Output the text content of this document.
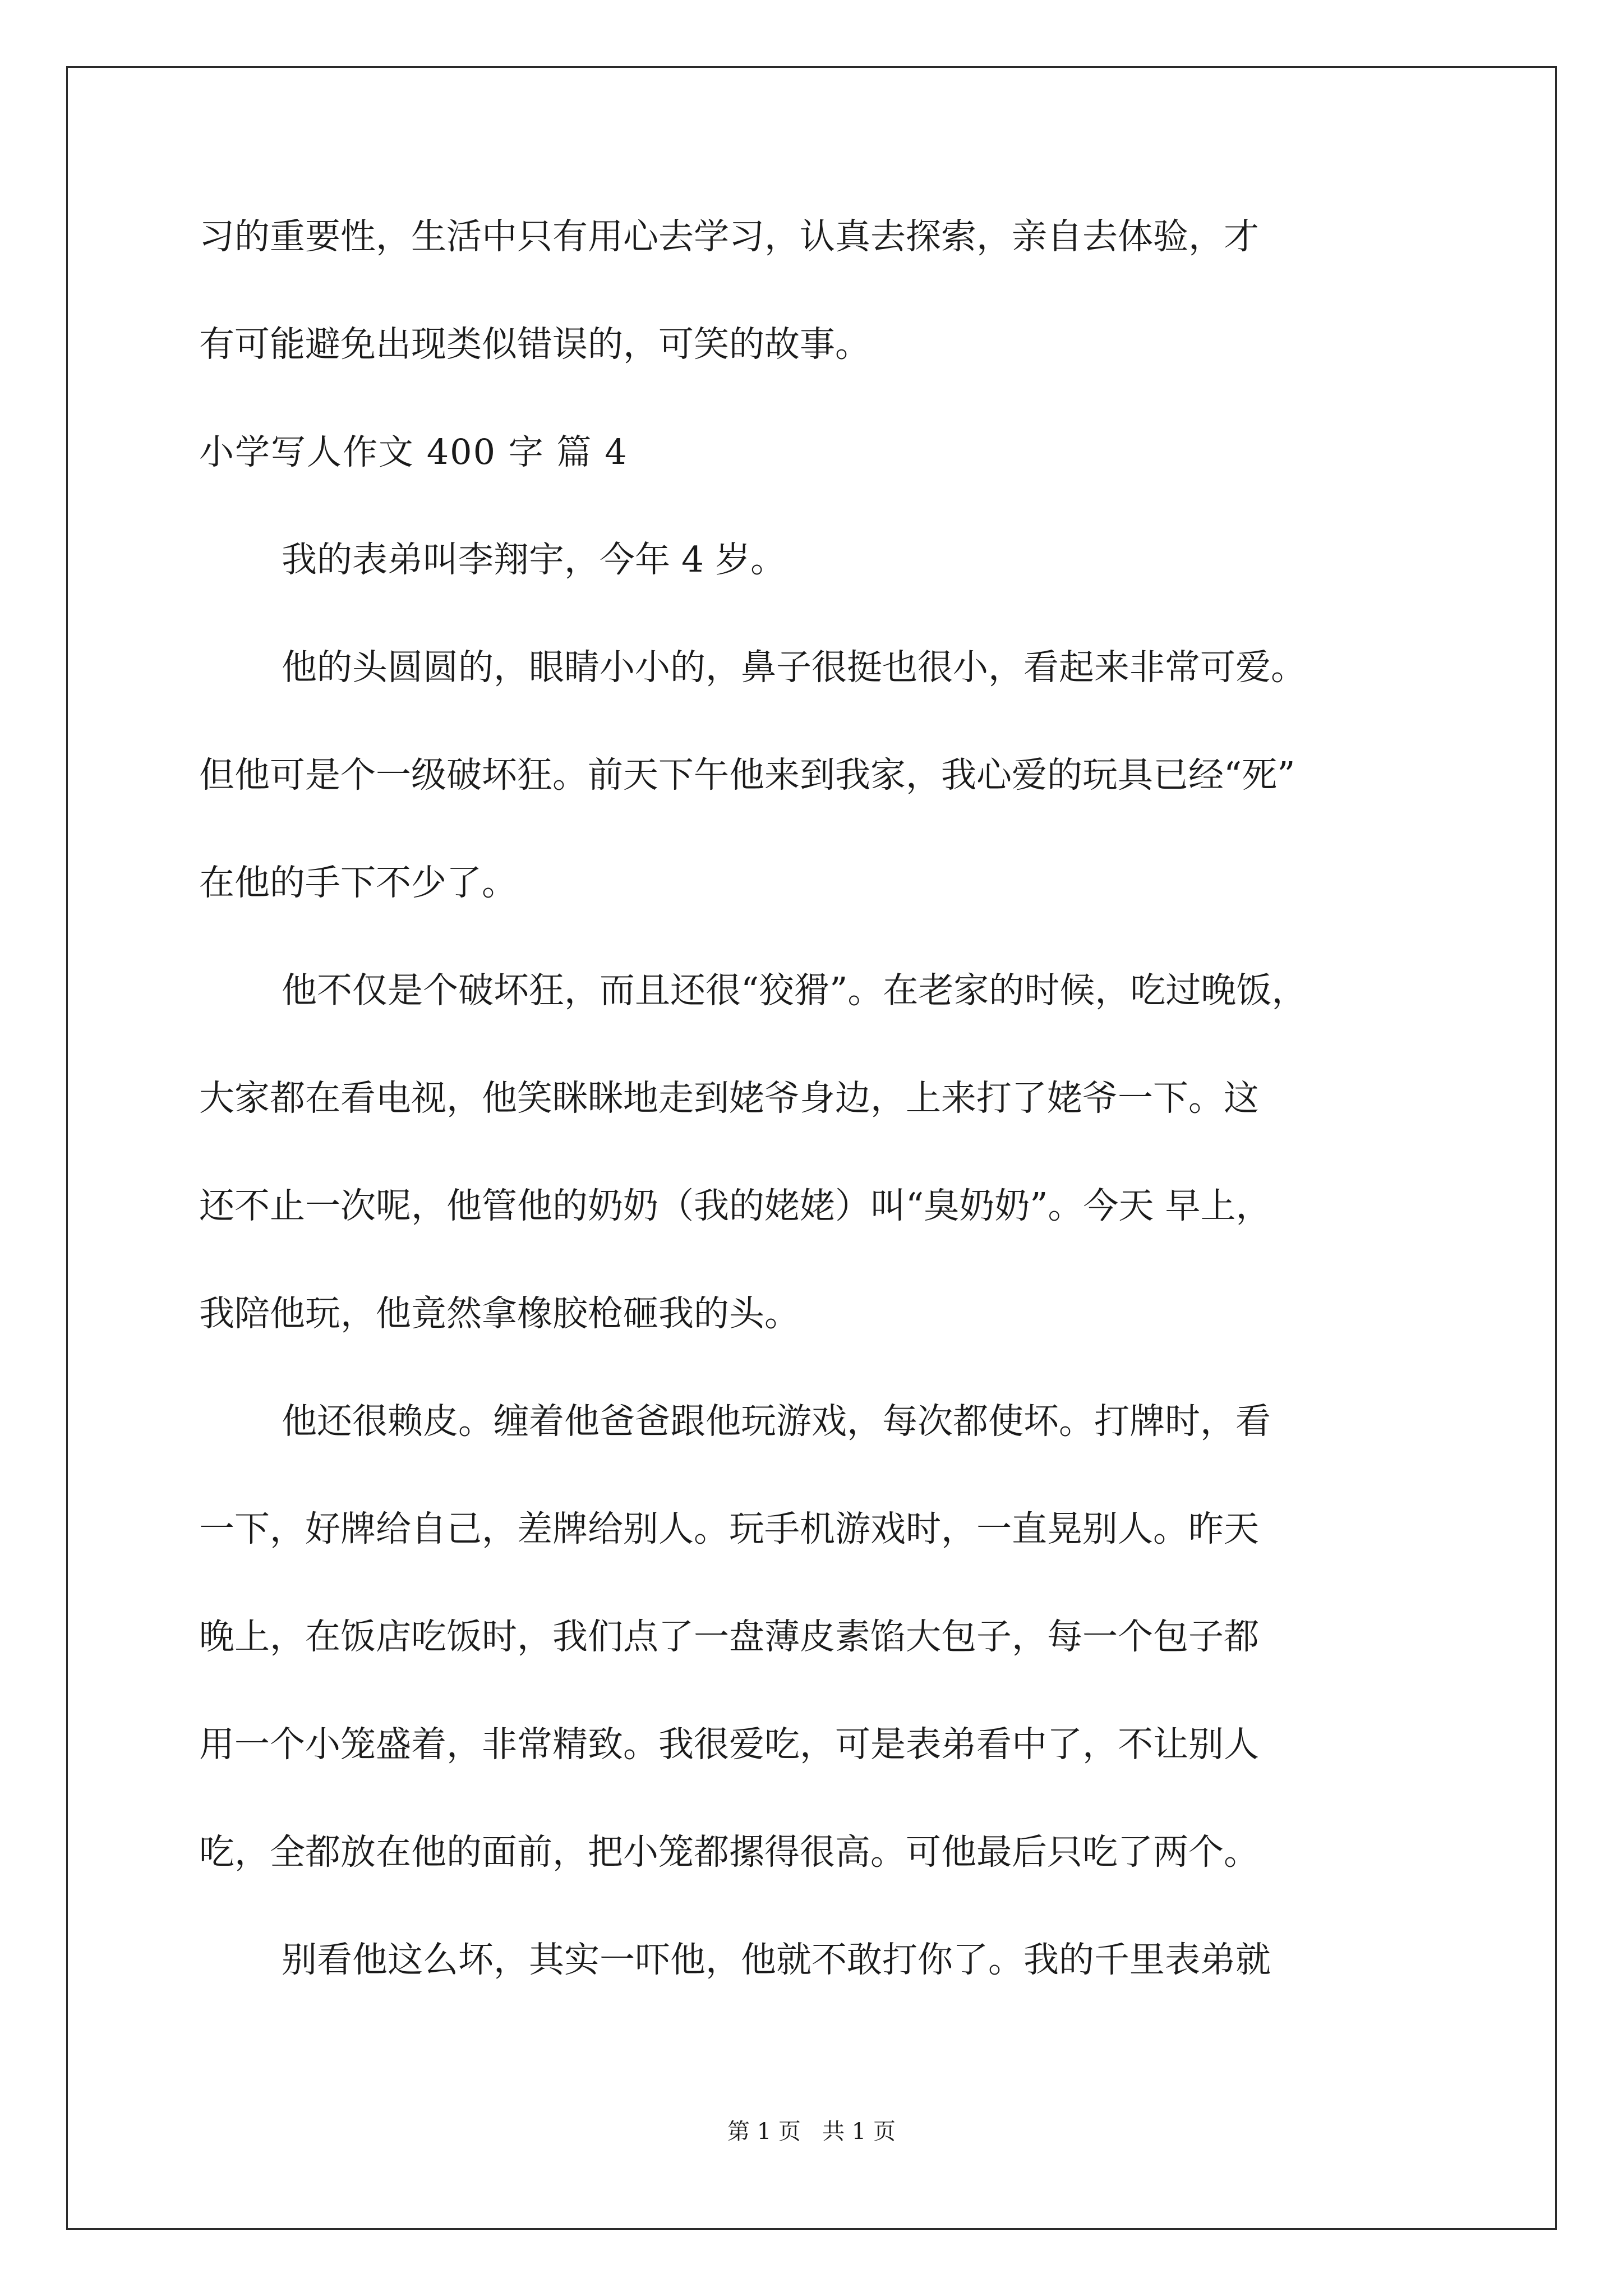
习的重要性，生活中只有用心去学习，认真去探索，亲自去体验，才

有可能避免出现类似错误的，可笑的故事。

小学写人作文 400 字 篇 4

我的表弟叫李翔宇，今年 4 岁。

他的头圆圆的，眼睛小小的，鼻子很挺也很小，看起来非常可爱。

但他可是个一级破坏狂。前天下午他来到我家，我心爱的玩具已经“死”

在他的手下不少了。

他不仅是个破坏狂，而且还很“狡猾”。在老家的时候，吃过晚饭，

大家都在看电视，他笑眯眯地走到姥爷身边，上来打了姥爷一下。这

还不止一次呢，他管他的奶奶（我的姥姥）叫“臭奶奶”。今天 早上，

我陪他玩，他竟然拿橡胶枪砸我的头。

他还很赖皮。缠着他爸爸跟他玩游戏，每次都使坏。打牌时，看

一下，好牌给自己，差牌给别人。玩手机游戏时，一直晃别人。昨天

晚上，在饭店吃饭时，我们点了一盘薄皮素馅大包子，每一个包子都

用一个小笼盛着，非常精致。我很爱吃，可是表弟看中了，不让别人

吃，全都放在他的面前，把小笼都摞得很高。可他最后只吃了两个。

别看他这么坏，其实一吓他，他就不敢打你了。我的千里表弟就

第 1 页   共 1 页
